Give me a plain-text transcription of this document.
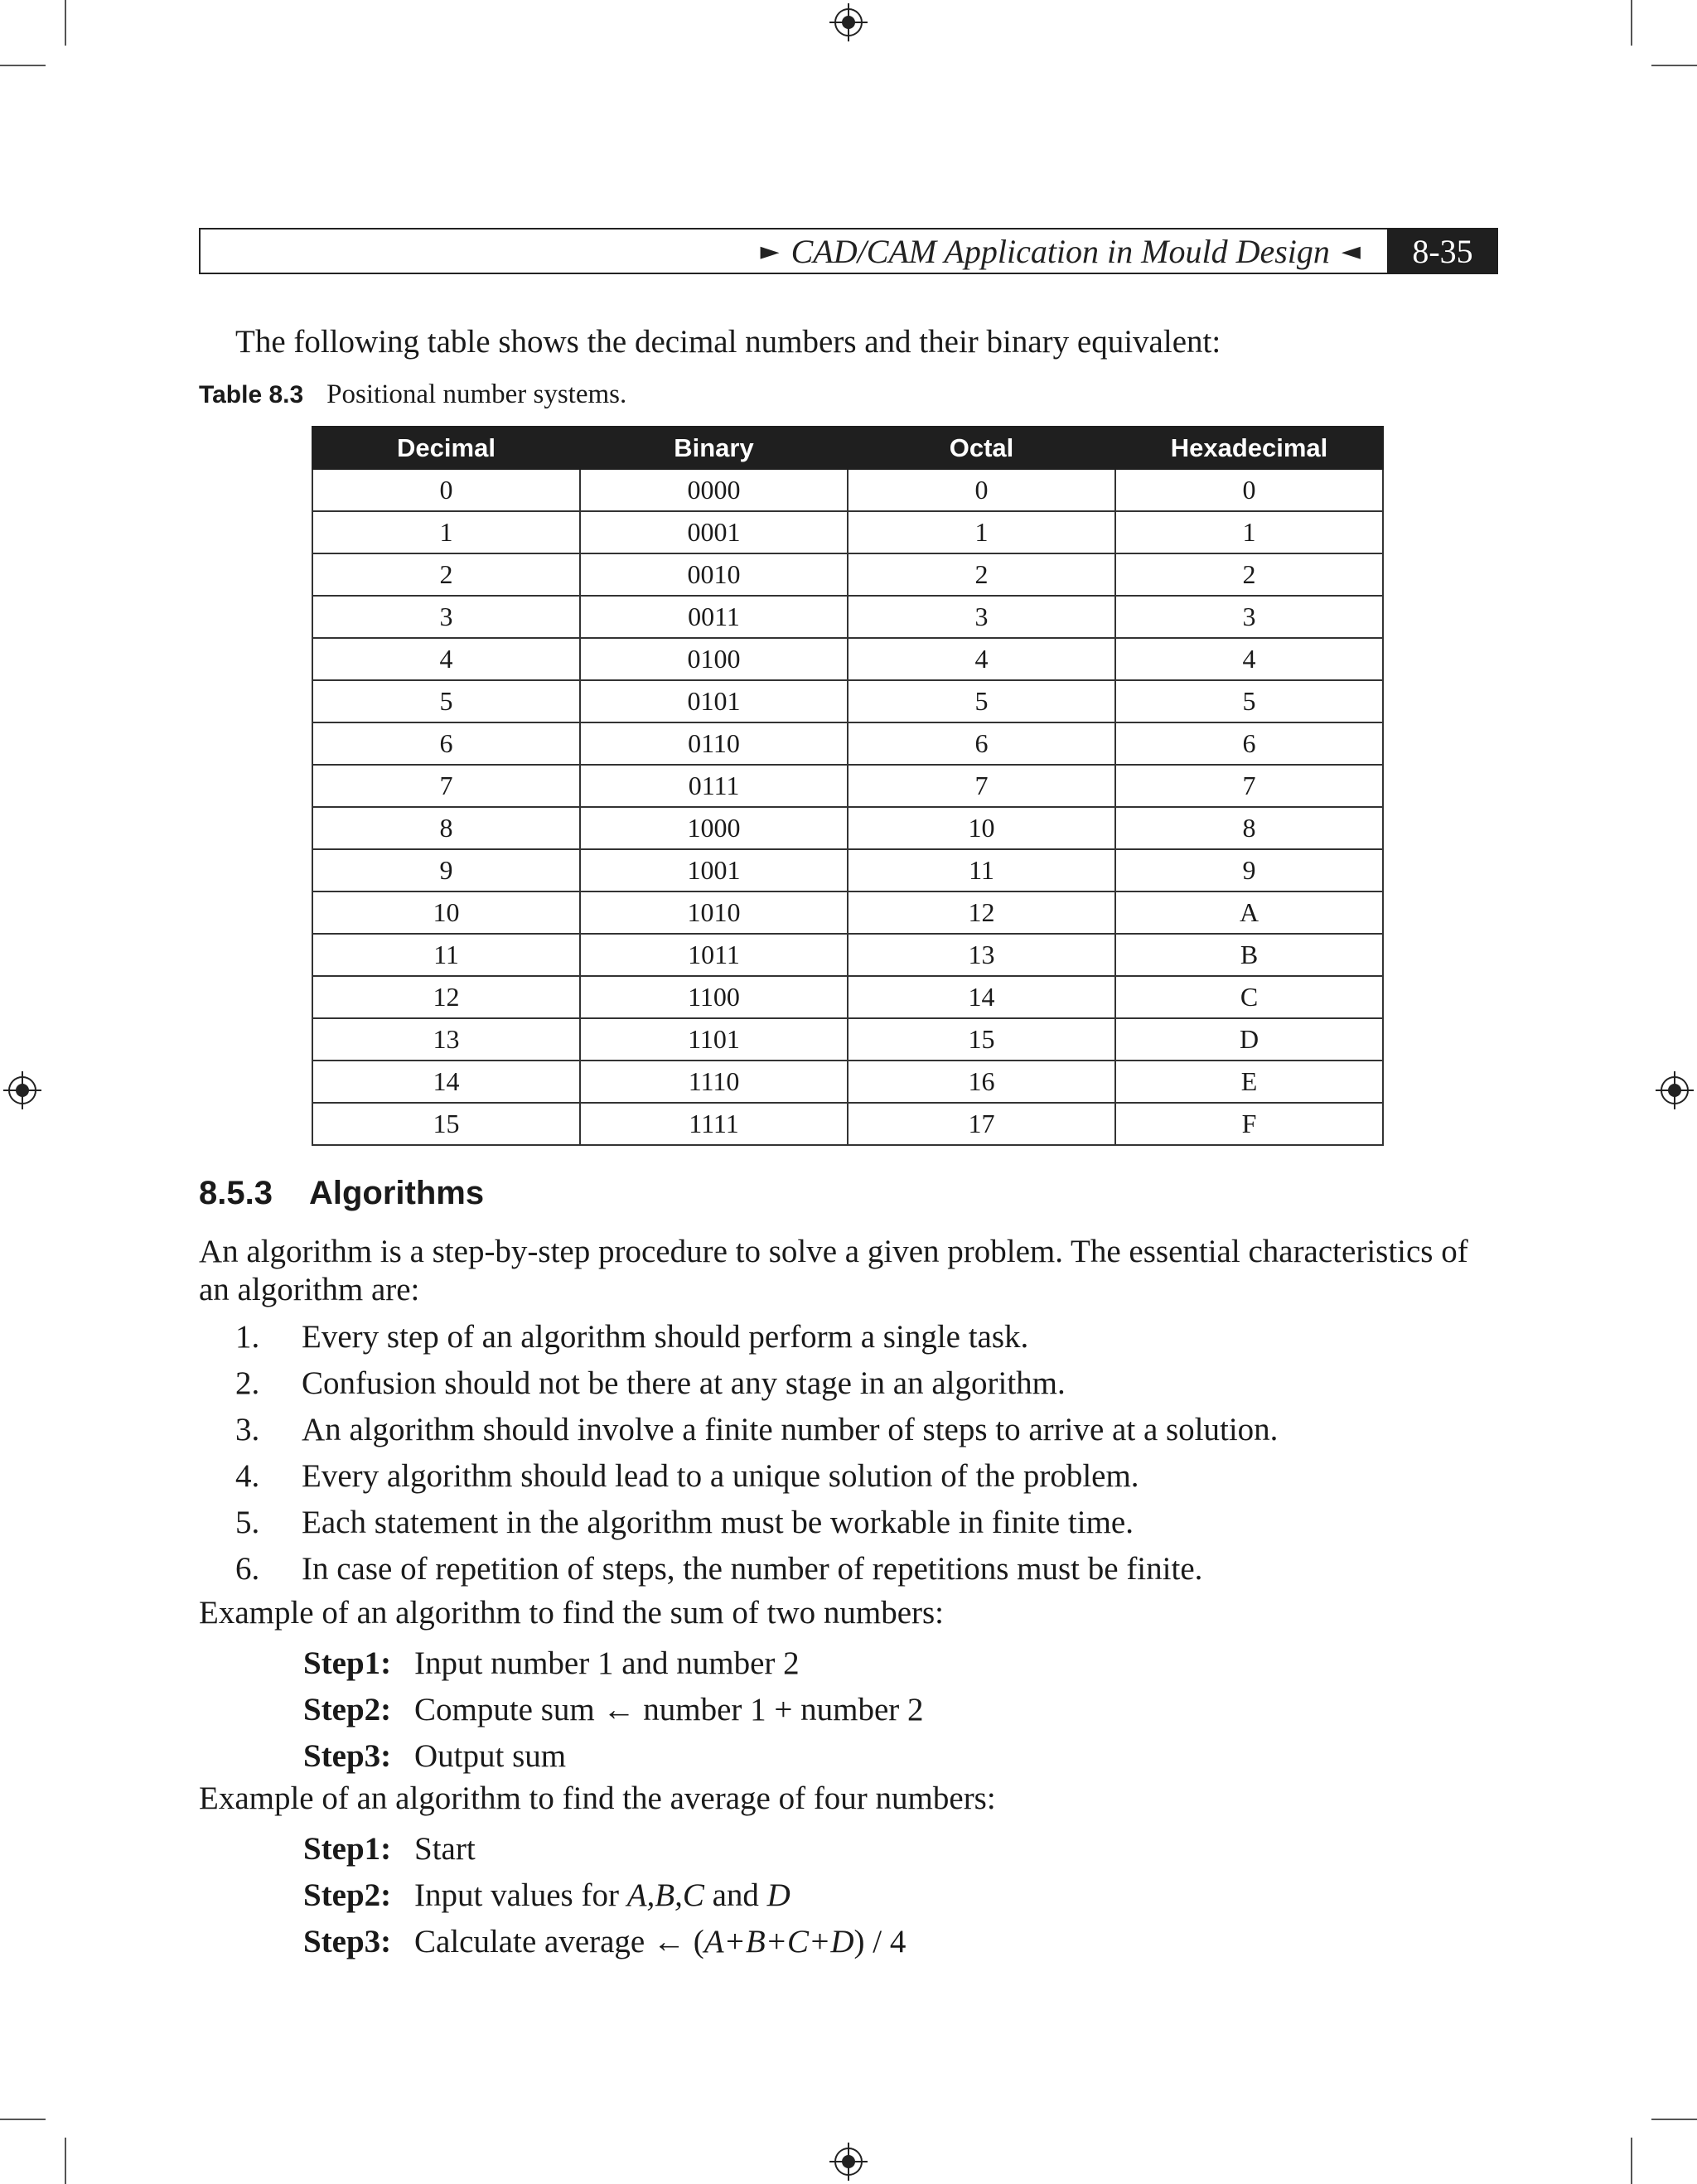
► CAD/CAM Application in Mould Design ◄	8-35
The following table shows the decimal numbers and their binary equivalent:
Table 8.3 Positional number systems.
Decimal	Binary	Octal	Hexadecimal
0	0000	0	0
1	0001	1	1
2	0010	2	2
3	0011	3	3
4	0100	4	4
5	0101	5	5
6	0110	6	6
7	0111	7	7
8	1000	10	8
9	1001	11	9
10	1010	12	A
11	1011	13	B
12	1100	14	C
13	1101	15	D
14	1110	16	E
15	1111	17	F
8.5.3 Algorithms
An algorithm is a step-by-step procedure to solve a given problem. The essential characteristics of an algorithm are:
1.	Every step of an algorithm should perform a single task.
2.	Confusion should not be there at any stage in an algorithm.
3.	An algorithm should involve a finite number of steps to arrive at a solution.
4.	Every algorithm should lead to a unique solution of the problem.
5.	Each statement in the algorithm must be workable in finite time.
6.	In case of repetition of steps, the number of repetitions must be finite.
Example of an algorithm to find the sum of two numbers:
Step1: Input number 1 and number 2
Step2: Compute sum ← number 1 + number 2
Step3: Output sum
Example of an algorithm to find the average of four numbers:
Step1: Start
Step2: Input values for A,B,C and D
Step3: Calculate average ← (A+B+C+D) / 4
